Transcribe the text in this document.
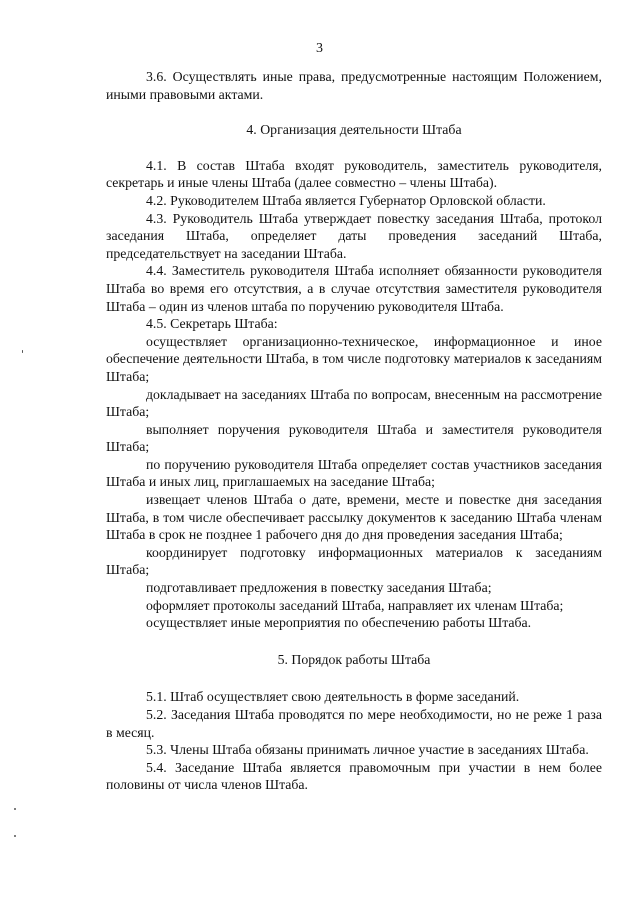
3

3.6. Осуществлять иные права, предусмотренные настоящим Положением, иными правовыми актами.

4. Организация деятельности Штаба

4.1. В состав Штаба входят руководитель, заместитель руководителя, секретарь и иные члены Штаба (далее совместно – члены Штаба).

4.2. Руководителем Штаба является Губернатор Орловской области.

4.3. Руководитель Штаба утверждает повестку заседания Штаба, протокол заседания Штаба, определяет даты проведения заседаний Штаба, председательствует на заседании Штаба.

4.4. Заместитель руководителя Штаба исполняет обязанности руководителя Штаба во время его отсутствия, а в случае отсутствия заместителя руководителя Штаба – один из членов штаба по поручению руководителя Штаба.

4.5. Секретарь Штаба:

осуществляет организационно-техническое, информационное и иное обеспечение деятельности Штаба, в том числе подготовку материалов к заседаниям Штаба;

докладывает на заседаниях Штаба по вопросам, внесенным на рассмотрение Штаба;

выполняет поручения руководителя Штаба и заместителя руководителя Штаба;

по поручению руководителя Штаба определяет состав участников заседания Штаба и иных лиц, приглашаемых на заседание Штаба;

извещает членов Штаба о дате, времени, месте и повестке дня заседания Штаба, в том числе обеспечивает рассылку документов к заседанию Штаба членам Штаба в срок не позднее 1 рабочего дня до дня проведения заседания Штаба;

координирует подготовку информационных материалов к заседаниям Штаба;

подготавливает предложения в повестку заседания Штаба;

оформляет протоколы заседаний Штаба, направляет их членам Штаба;

осуществляет иные мероприятия по обеспечению работы Штаба.

5. Порядок работы Штаба

5.1. Штаб осуществляет свою деятельность в форме заседаний.

5.2. Заседания Штаба проводятся по мере необходимости, но не реже 1 раза в месяц.

5.3. Члены Штаба обязаны принимать личное участие в заседаниях Штаба.

5.4. Заседание Штаба является правомочным при участии в нем более половины от числа членов Штаба.
